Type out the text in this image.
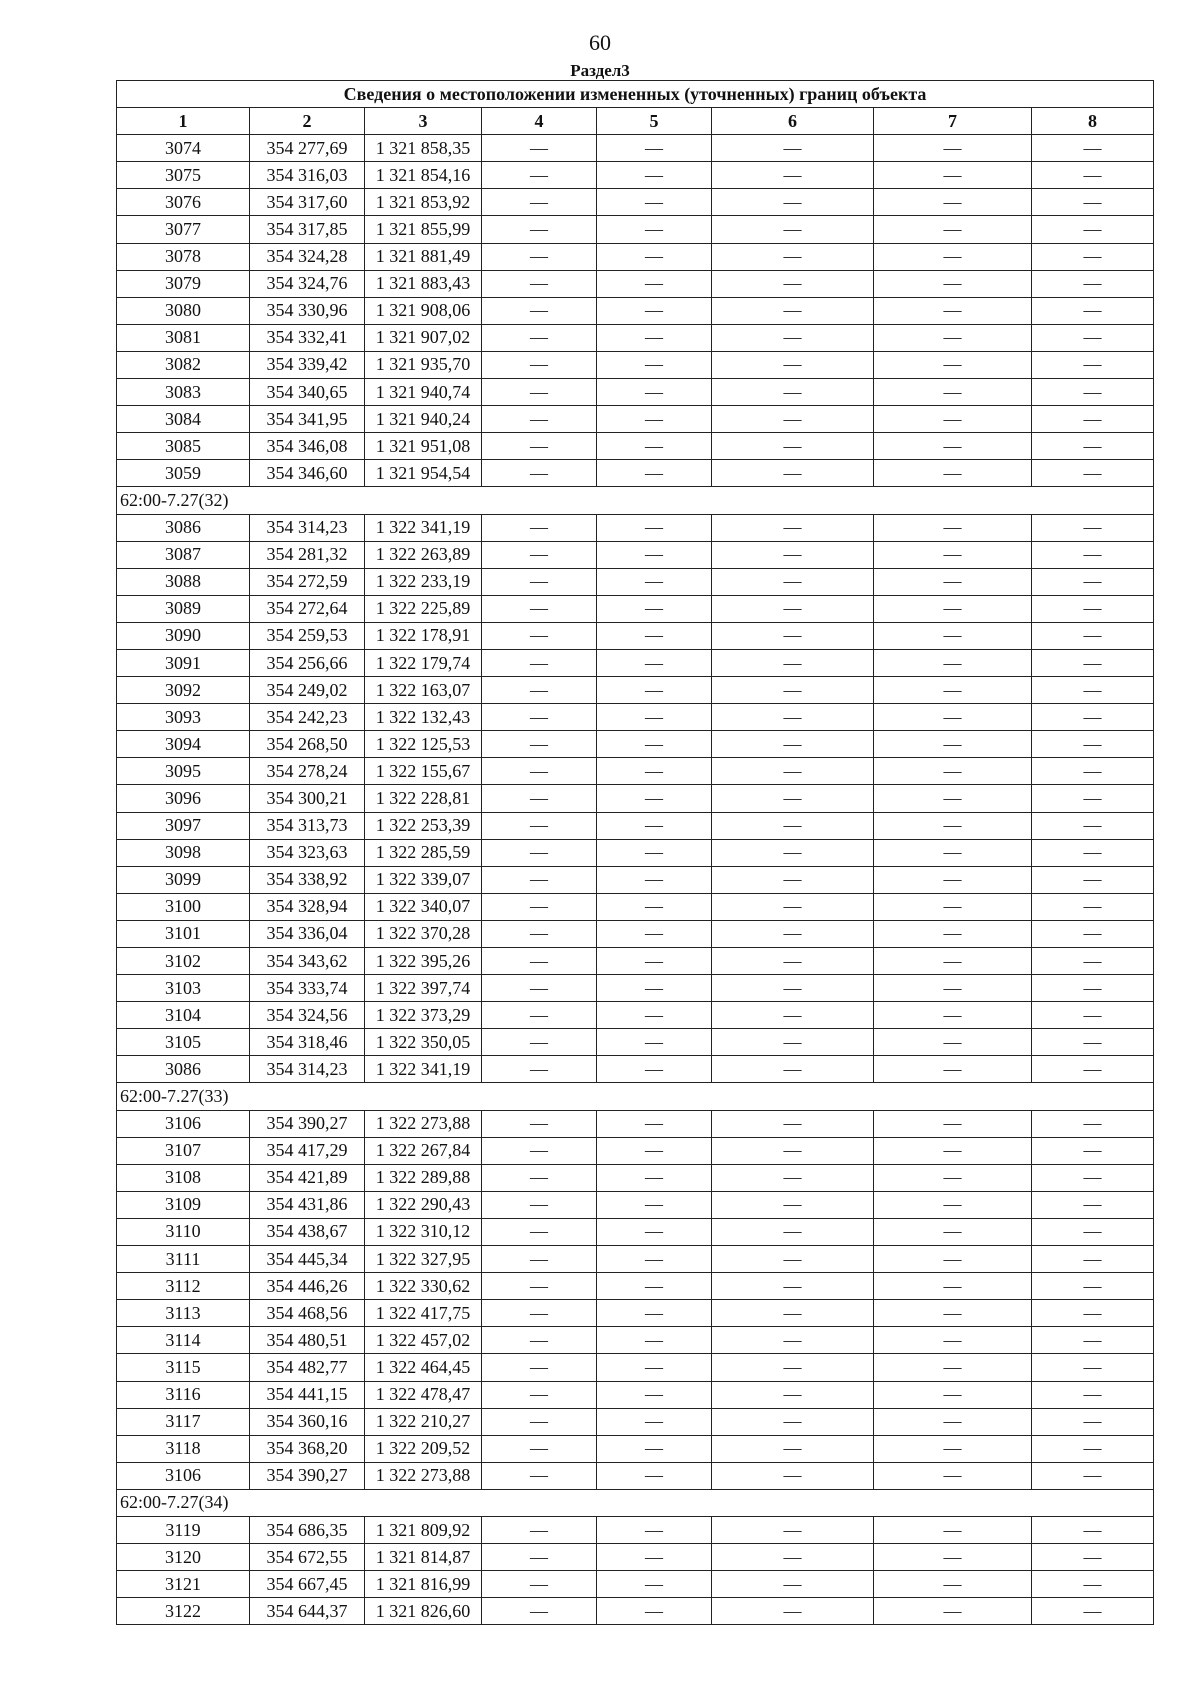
60
Раздел3
Сведения о местоположении измененных (уточненных) границ объекта							
1	2	3	4	5	6	7	8
3074	354 277,69	1 321 858,35	—	—	—	—	—
3075	354 316,03	1 321 854,16	—	—	—	—	—
3076	354 317,60	1 321 853,92	—	—	—	—	—
3077	354 317,85	1 321 855,99	—	—	—	—	—
3078	354 324,28	1 321 881,49	—	—	—	—	—
3079	354 324,76	1 321 883,43	—	—	—	—	—
3080	354 330,96	1 321 908,06	—	—	—	—	—
3081	354 332,41	1 321 907,02	—	—	—	—	—
3082	354 339,42	1 321 935,70	—	—	—	—	—
3083	354 340,65	1 321 940,74	—	—	—	—	—
3084	354 341,95	1 321 940,24	—	—	—	—	—
3085	354 346,08	1 321 951,08	—	—	—	—	—
3059	354 346,60	1 321 954,54	—	—	—	—	—
62:00-7.27(32)							
3086	354 314,23	1 322 341,19	—	—	—	—	—
3087	354 281,32	1 322 263,89	—	—	—	—	—
3088	354 272,59	1 322 233,19	—	—	—	—	—
3089	354 272,64	1 322 225,89	—	—	—	—	—
3090	354 259,53	1 322 178,91	—	—	—	—	—
3091	354 256,66	1 322 179,74	—	—	—	—	—
3092	354 249,02	1 322 163,07	—	—	—	—	—
3093	354 242,23	1 322 132,43	—	—	—	—	—
3094	354 268,50	1 322 125,53	—	—	—	—	—
3095	354 278,24	1 322 155,67	—	—	—	—	—
3096	354 300,21	1 322 228,81	—	—	—	—	—
3097	354 313,73	1 322 253,39	—	—	—	—	—
3098	354 323,63	1 322 285,59	—	—	—	—	—
3099	354 338,92	1 322 339,07	—	—	—	—	—
3100	354 328,94	1 322 340,07	—	—	—	—	—
3101	354 336,04	1 322 370,28	—	—	—	—	—
3102	354 343,62	1 322 395,26	—	—	—	—	—
3103	354 333,74	1 322 397,74	—	—	—	—	—
3104	354 324,56	1 322 373,29	—	—	—	—	—
3105	354 318,46	1 322 350,05	—	—	—	—	—
3086	354 314,23	1 322 341,19	—	—	—	—	—
62:00-7.27(33)							
3106	354 390,27	1 322 273,88	—	—	—	—	—
3107	354 417,29	1 322 267,84	—	—	—	—	—
3108	354 421,89	1 322 289,88	—	—	—	—	—
3109	354 431,86	1 322 290,43	—	—	—	—	—
3110	354 438,67	1 322 310,12	—	—	—	—	—
3111	354 445,34	1 322 327,95	—	—	—	—	—
3112	354 446,26	1 322 330,62	—	—	—	—	—
3113	354 468,56	1 322 417,75	—	—	—	—	—
3114	354 480,51	1 322 457,02	—	—	—	—	—
3115	354 482,77	1 322 464,45	—	—	—	—	—
3116	354 441,15	1 322 478,47	—	—	—	—	—
3117	354 360,16	1 322 210,27	—	—	—	—	—
3118	354 368,20	1 322 209,52	—	—	—	—	—
3106	354 390,27	1 322 273,88	—	—	—	—	—
62:00-7.27(34)							
3119	354 686,35	1 321 809,92	—	—	—	—	—
3120	354 672,55	1 321 814,87	—	—	—	—	—
3121	354 667,45	1 321 816,99	—	—	—	—	—
3122	354 644,37	1 321 826,60	—	—	—	—	—
